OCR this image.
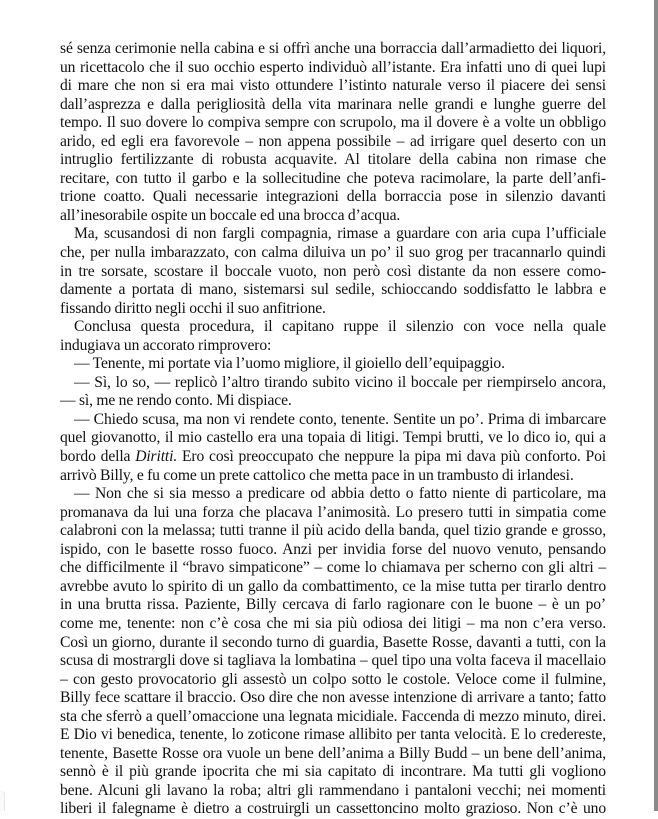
sé senza cerimonie nella cabina e si offrì anche una borraccia dall’armadietto dei liquori,
un ricettacolo che il suo occhio esperto individuò all’istante. Era infatti uno di quei lupi
di mare che non si era mai visto ottundere l’istinto naturale verso il piacere dei sensi
dall’asprezza e dalla perigliosità della vita marinara nelle grandi e lunghe guerre del
tempo. Il suo dovere lo compiva sempre con scrupolo, ma il dovere è a volte un obbligo
arido, ed egli era favorevole – non appena possibile – ad irrigare quel deserto con un
intruglio fertilizzante di robusta acquavite. Al titolare della cabina non rimase che
recitare, con tutto il garbo e la sollecitudine che poteva racimolare, la parte dell’anfi-
trione coatto. Quali necessarie integrazioni della borraccia pose in silenzio davanti
all’inesorabile ospite un boccale ed una brocca d’acqua.
Ma, scusandosi di non fargli compagnia, rimase a guardare con aria cupa l’ufficiale
che, per nulla imbarazzato, con calma diluiva un po’ il suo grog per tracannarlo quindi
in tre sorsate, scostare il boccale vuoto, non però così distante da non essere como-
damente a portata di mano, sistemarsi sul sedile, schioccando soddisfatto le labbra e
fissando diritto negli occhi il suo anfitrione.
Conclusa questa procedura, il capitano ruppe il silenzio con voce nella quale
indugiava un accorato rimprovero:
— Tenente, mi portate via l’uomo migliore, il gioiello dell’equipaggio.
— Sì, lo so, — replicò l’altro tirando subito vicino il boccale per riempirselo ancora,
— sì, me ne rendo conto. Mi dispiace.
— Chiedo scusa, ma non vi rendete conto, tenente. Sentite un po’. Prima di imbarcare
quel giovanotto, il mio castello era una topaia di litigi. Tempi brutti, ve lo dico io, qui a
bordo della Diritti. Ero così preoccupato che neppure la pipa mi dava più conforto. Poi
arrivò Billy, e fu come un prete cattolico che metta pace in un trambusto di irlandesi.
— Non che si sia messo a predicare od abbia detto o fatto niente di particolare, ma
promanava da lui una forza che placava l’animosità. Lo presero tutti in simpatia come
calabroni con la melassa; tutti tranne il più acido della banda, quel tizio grande e grosso,
ispido, con le basette rosso fuoco. Anzi per invidia forse del nuovo venuto, pensando
che difficilmente il “bravo simpaticone” – come lo chiamava per scherno con gli altri –
avrebbe avuto lo spirito di un gallo da combattimento, ce la mise tutta per tirarlo dentro
in una brutta rissa. Paziente, Billy cercava di farlo ragionare con le buone – è un po’
come me, tenente: non c’è cosa che mi sia più odiosa dei litigi – ma non c’era verso.
Così un giorno, durante il secondo turno di guardia, Basette Rosse, davanti a tutti, con la
scusa di mostrargli dove si tagliava la lombatina – quel tipo una volta faceva il macellaio
– con gesto provocatorio gli assestò un colpo sotto le costole. Veloce come il fulmine,
Billy fece scattare il braccio. Oso dire che non avesse intenzione di arrivare a tanto; fatto
sta che sferrò a quell’omaccione una legnata micidiale. Faccenda di mezzo minuto, direi.
E Dio vi benedica, tenente, lo zoticone rimase allibito per tanta velocità. E lo credereste,
tenente, Basette Rosse ora vuole un bene dell’anima a Billy Budd – un bene dell’anima,
sennò è il più grande ipocrita che mi sia capitato di incontrare. Ma tutti gli vogliono
bene. Alcuni gli lavano la roba; altri gli rammendano i pantaloni vecchi; nei momenti
liberi il falegname è dietro a costruirgli un cassettoncino molto grazioso. Non c’è uno
